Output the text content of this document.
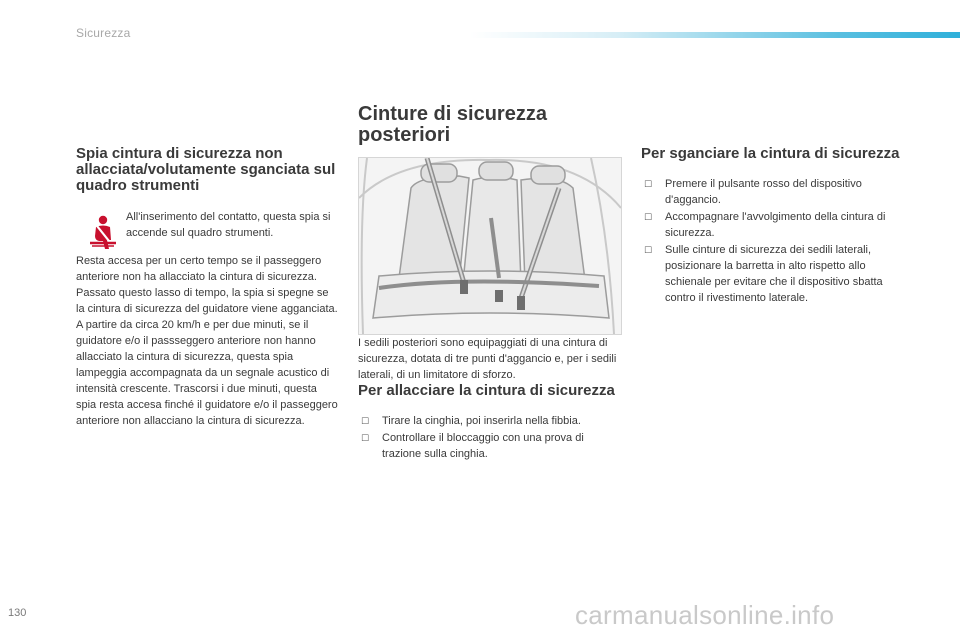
Sicurezza
Spia cintura di sicurezza non allacciata/volutamente sganciata sul quadro strumenti

All'inserimento del contatto, questa spia si accende sul quadro strumenti.

Resta accesa per un certo tempo se il passeggero anteriore non ha allacciato la cintura di sicurezza. Passato questo lasso di tempo, la spia si spegne se la cintura di sicurezza del guidatore viene agganciata. A partire da circa 20 km/h e per due minuti, se il guidatore e/o il passseggero anteriore non hanno allacciato la cintura di sicurezza, questa spia lampeggia accompagnata da un segnale acustico di intensità crescente. Trascorsi i due minuti, questa spia resta accesa finché il guidatore e/o il passeggero anteriore non allacciano la cintura di sicurezza.

Cinture di sicurezza posteriori

I sedili posteriori sono equipaggiati di una cintura di sicurezza, dotata di tre punti d'aggancio e, per i sedili laterali, di un limitatore di sforzo.

Per allacciare la cintura di sicurezza
☐ Tirare la cinghia, poi inserirla nella fibbia.
☐ Controllare il bloccaggio con una prova di trazione sulla cinghia.
Per sganciare la cintura di sicurezza
☐ Premere il pulsante rosso del dispositivo d'aggancio.
☐ Accompagnare l'avvolgimento della cintura di sicurezza.
☐ Sulle cinture di sicurezza dei sedili laterali, posizionare la barretta in alto rispetto allo schienale per evitare che il dispositivo sbatta contro il rivestimento laterale.
130	carmanualsonline.info
